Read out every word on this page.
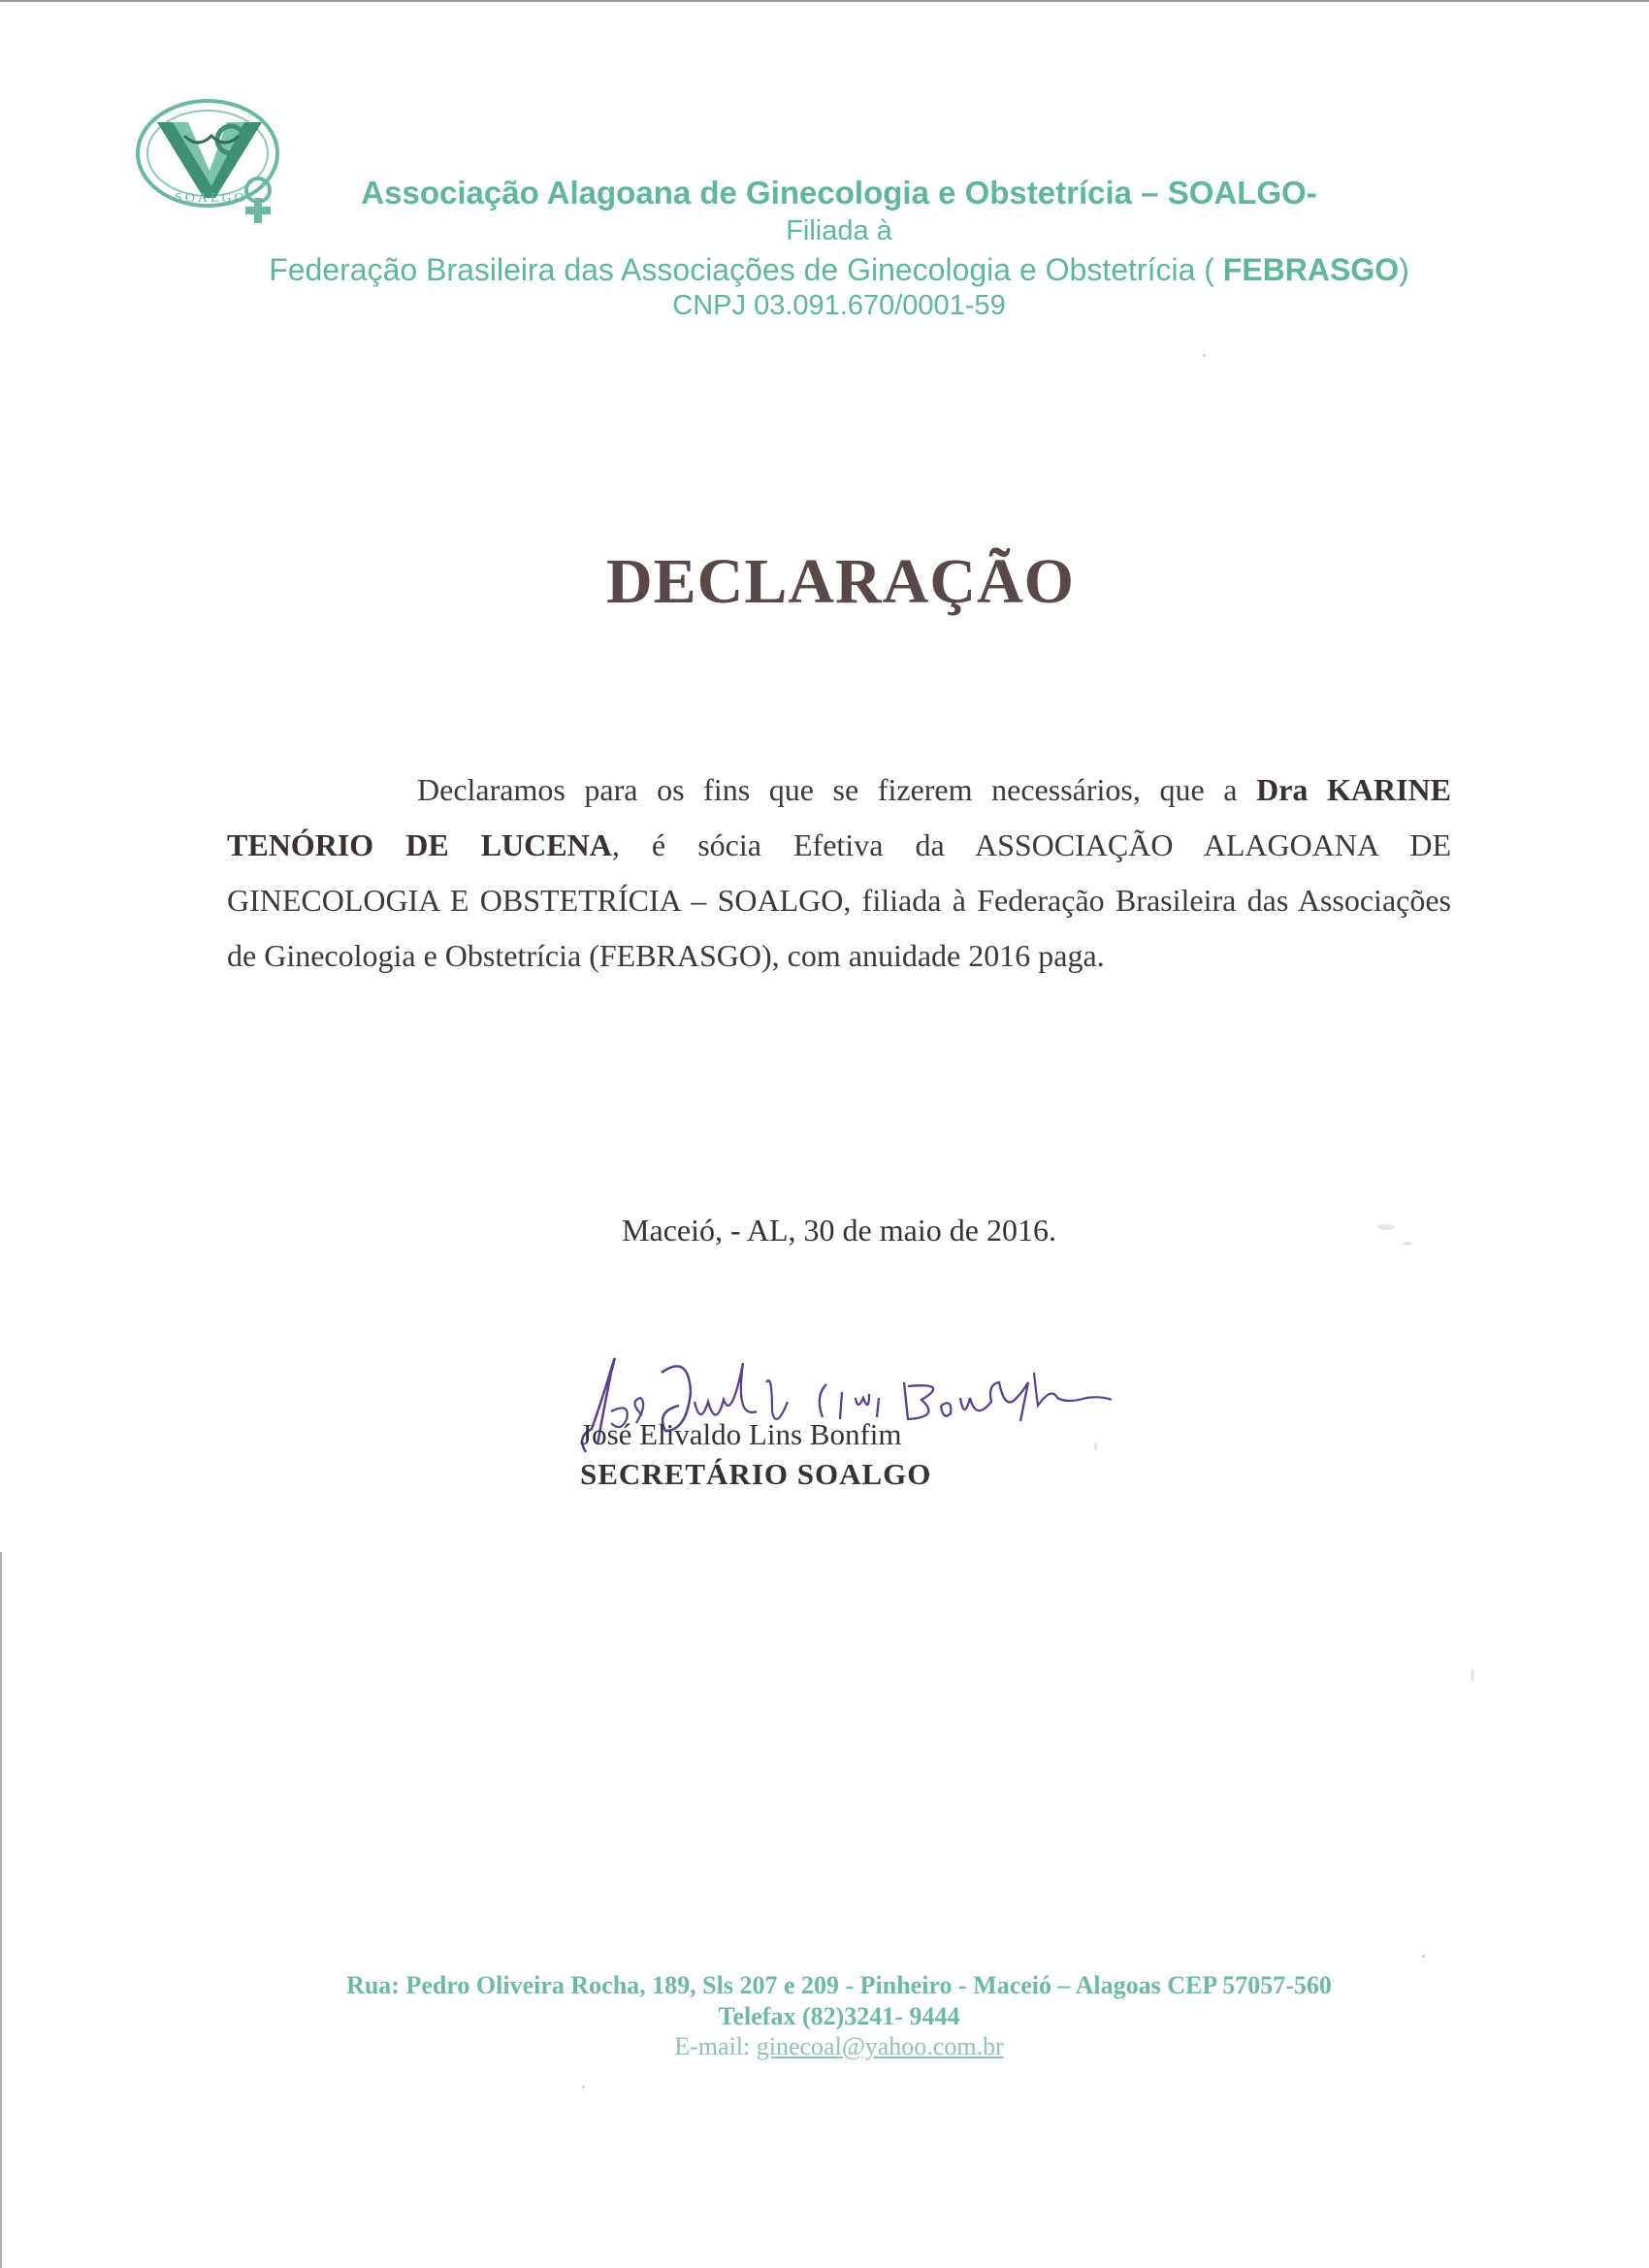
SOALGO	Associação Alagoana de Ginecologia e Obstetrícia – SOALGO-
Filiada à
Federação Brasileira das Associações de Ginecologia e Obstetrícia ( FEBRASGO)
CNPJ 03.091.670/0001-59
DECLARAÇÃO
Declaramos para os fins que se fizerem necessários, que a Dra KARINE TENÓRIO DE LUCENA, é sócia Efetiva da ASSOCIAÇÃO ALAGOANA DE GINECOLOGIA E OBSTETRÍCIA – SOALGO, filiada à Federação Brasileira das Associações de Ginecologia e Obstetrícia (FEBRASGO), com anuidade 2016 paga.
Maceió, - AL, 30 de maio de 2016.
José Elivaldo Lins Bonfim
SECRETÁRIO SOALGO
Rua: Pedro Oliveira Rocha, 189, Sls 207 e 209 - Pinheiro - Maceió – Alagoas CEP 57057-560
Telefax (82)3241- 9444
E-mail: ginecoal@yahoo.com.br
